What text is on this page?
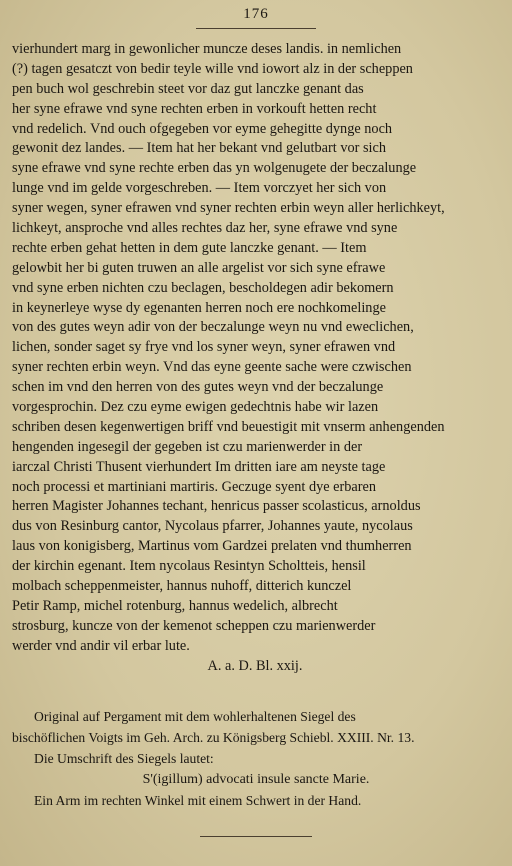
176
vierhundert marg in gewonlicher muncze deses landis. in nemlichen
(?) tagen gesatczt von bedir teyle wille vnd iowort alz in der scheppen
pen buch wol geschrebin steet vor daz gut lanczke genant das
her syne efrawe vnd syne rechten erben in vorkouft hetten recht
vnd redelich. Vnd ouch ofgegeben vor eyme gehegitte dynge noch
gewonit dez landes. — Item hat her bekant vnd gelutbart vor sich
syne efrawe vnd syne rechte erben das yn wolgenugete der beczalunge
lunge vnd im gelde vorgeschreben. — Item vorczyet her sich von
syner wegen, syner efrawen vnd syner rechten erbin weyn aller herlichkeyt,
lichkeyt, ansproche vnd alles rechtes daz her, syne efrawe vnd syne
rechte erben gehat hetten in dem gute lanczke genant. — Item
gelowbit her bi guten truwen an alle argelist vor sich syne efrawe
vnd syne erben nichten czu beclagen, bescholdegen adir bekomern
in keynerleye wyse dy egenanten herren noch ere nochkomelinge
von des gutes weyn adir von der beczalunge weyn nu vnd eweclichen,
lichen, sonder saget sy frye vnd los syner weyn, syner efrawen vnd
syner rechten erbin weyn. Vnd das eyne geente sache were czwischen
schen im vnd den herren von des gutes weyn vnd der beczalunge
vorgesprochin. Dez czu eyme ewigen gedechtnis habe wir lazen
schriben desen kegenwertigen briff vnd beuestigit mit vnserm anhengenden
hengenden ingesegil der gegeben ist czu marienwerder in der
iarczal Christi Thusent vierhundert Im dritten iare am neyste tage
noch processi et martiniani martiris. Geczuge syent dye erbaren
herren Magister Johannes techant, henricus passer scolasticus, arnoldus
dus von Resinburg cantor, Nycolaus pfarrer, Johannes yaute, nycolaus
laus von konigisberg, Martinus vom Gardzei prelaten vnd thumherren
der kirchin egenant. Item nycolaus Resintyn Scholtteis, hensil
molbach scheppenmeister, hannus nuhoff, ditterich kunczel
Petir Ramp, michel rotenburg, hannus wedelich, albrecht
strosburg, kuncze von der kemenot scheppen czu marienwerder
werder vnd andir vil erbar lute.
A. a. D. Bl. xxij.
Original auf Pergament mit dem wohlerhaltenen Siegel des
bischöflichen Voigts im Geh. Arch. zu Königsberg Schiebl. XXIII. Nr. 13.
Die Umschrift des Siegels lautet:
S'(igillum) advocati insule sancte Marie.
Ein Arm im rechten Winkel mit einem Schwert in der Hand.
